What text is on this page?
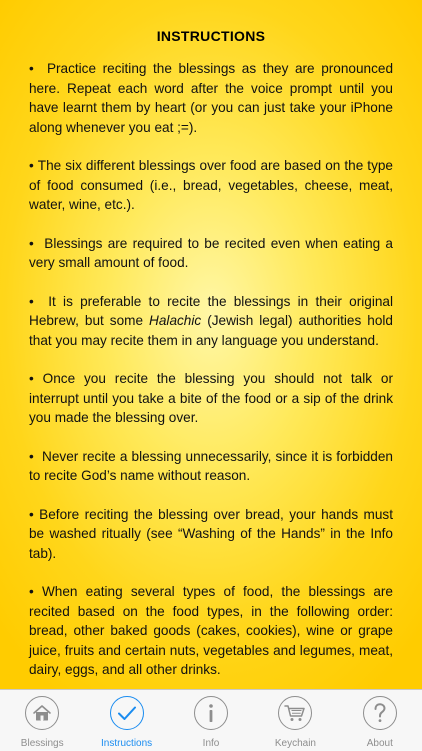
INSTRUCTIONS

• Practice reciting the blessings as they are pronounced here. Repeat each word after the voice prompt until you have learnt them by heart (or you can just take your iPhone along whenever you eat ;=).

• The six different blessings over food are based on the type of food consumed (i.e., bread, vegetables, cheese, meat, water, wine, etc.).

• Blessings are required to be recited even when eating a very small amount of food.

• It is preferable to recite the blessings in their original Hebrew, but some Halachic (Jewish legal) authorities hold that you may recite them in any language you understand.

• Once you recite the blessing you should not talk or interrupt until you take a bite of the food or a sip of the drink you made the blessing over.

• Never recite a blessing unnecessarily, since it is forbidden to recite God’s name without reason.

• Before reciting the blessing over bread, your hands must be washed ritually (see “Washing of the Hands” in the Info tab).

• When eating several types of food, the blessings are recited based on the food types, in the following order: bread, other baked goods (cakes, cookies), wine or grape juice, fruits and certain nuts, vegetables and legumes, meat, dairy, eggs, and all other drinks.

Blessings	Instructions	Info	Keychain	About
